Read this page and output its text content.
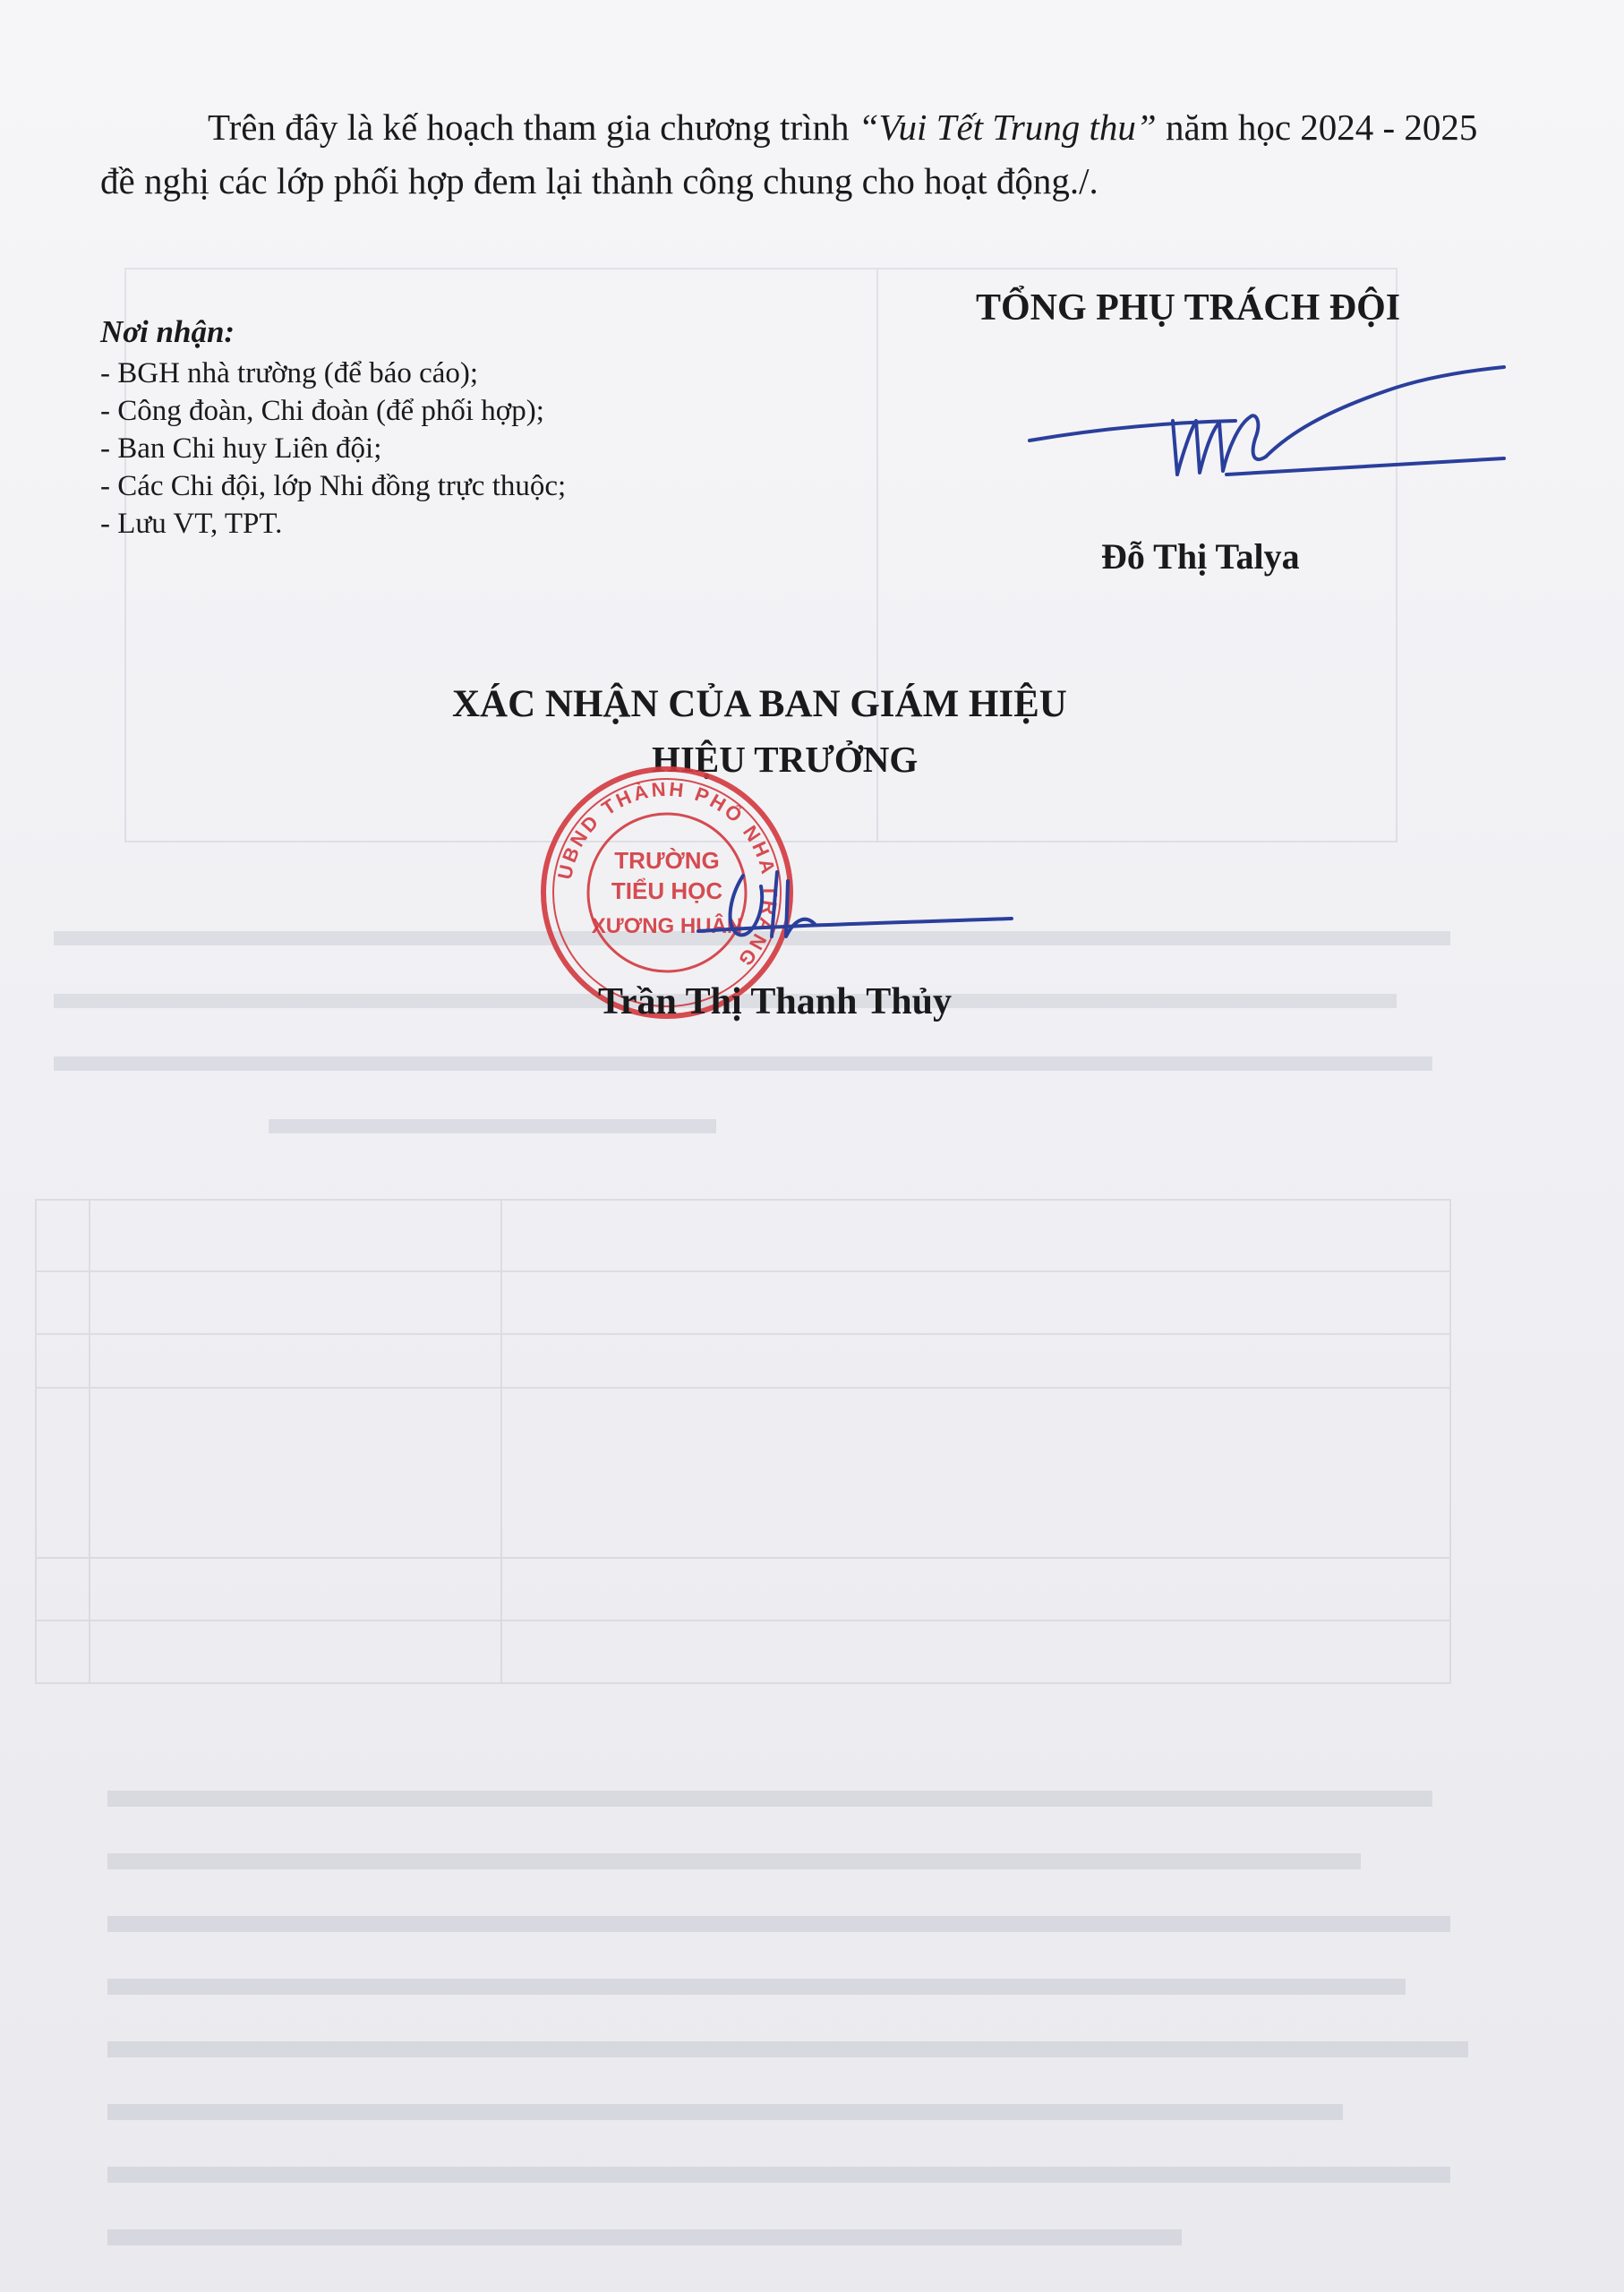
Trên đây là kế hoạch tham gia chương trình “Vui Tết Trung thu” năm học 2024 - 2025 đề nghị các lớp phối hợp đem lại thành công chung cho hoạt động./.
Nơi nhận:
- BGH nhà trường (để báo cáo);
- Công đoàn, Chi đoàn (để phối hợp);
- Ban Chi huy Liên đội;
- Các Chi đội, lớp Nhi đồng trực thuộc;
- Lưu VT, TPT.
TỔNG PHỤ TRÁCH ĐỘI
Đỗ Thị Talya
XÁC NHẬN CỦA BAN GIÁM HIỆU
HIỆU TRƯỞNG
UBND THÀNH PHỐ NHA TRANG
TRƯỜNG
TIỂU HỌC
XƯƠNG HUÂN
Trần Thị Thanh Thủy
